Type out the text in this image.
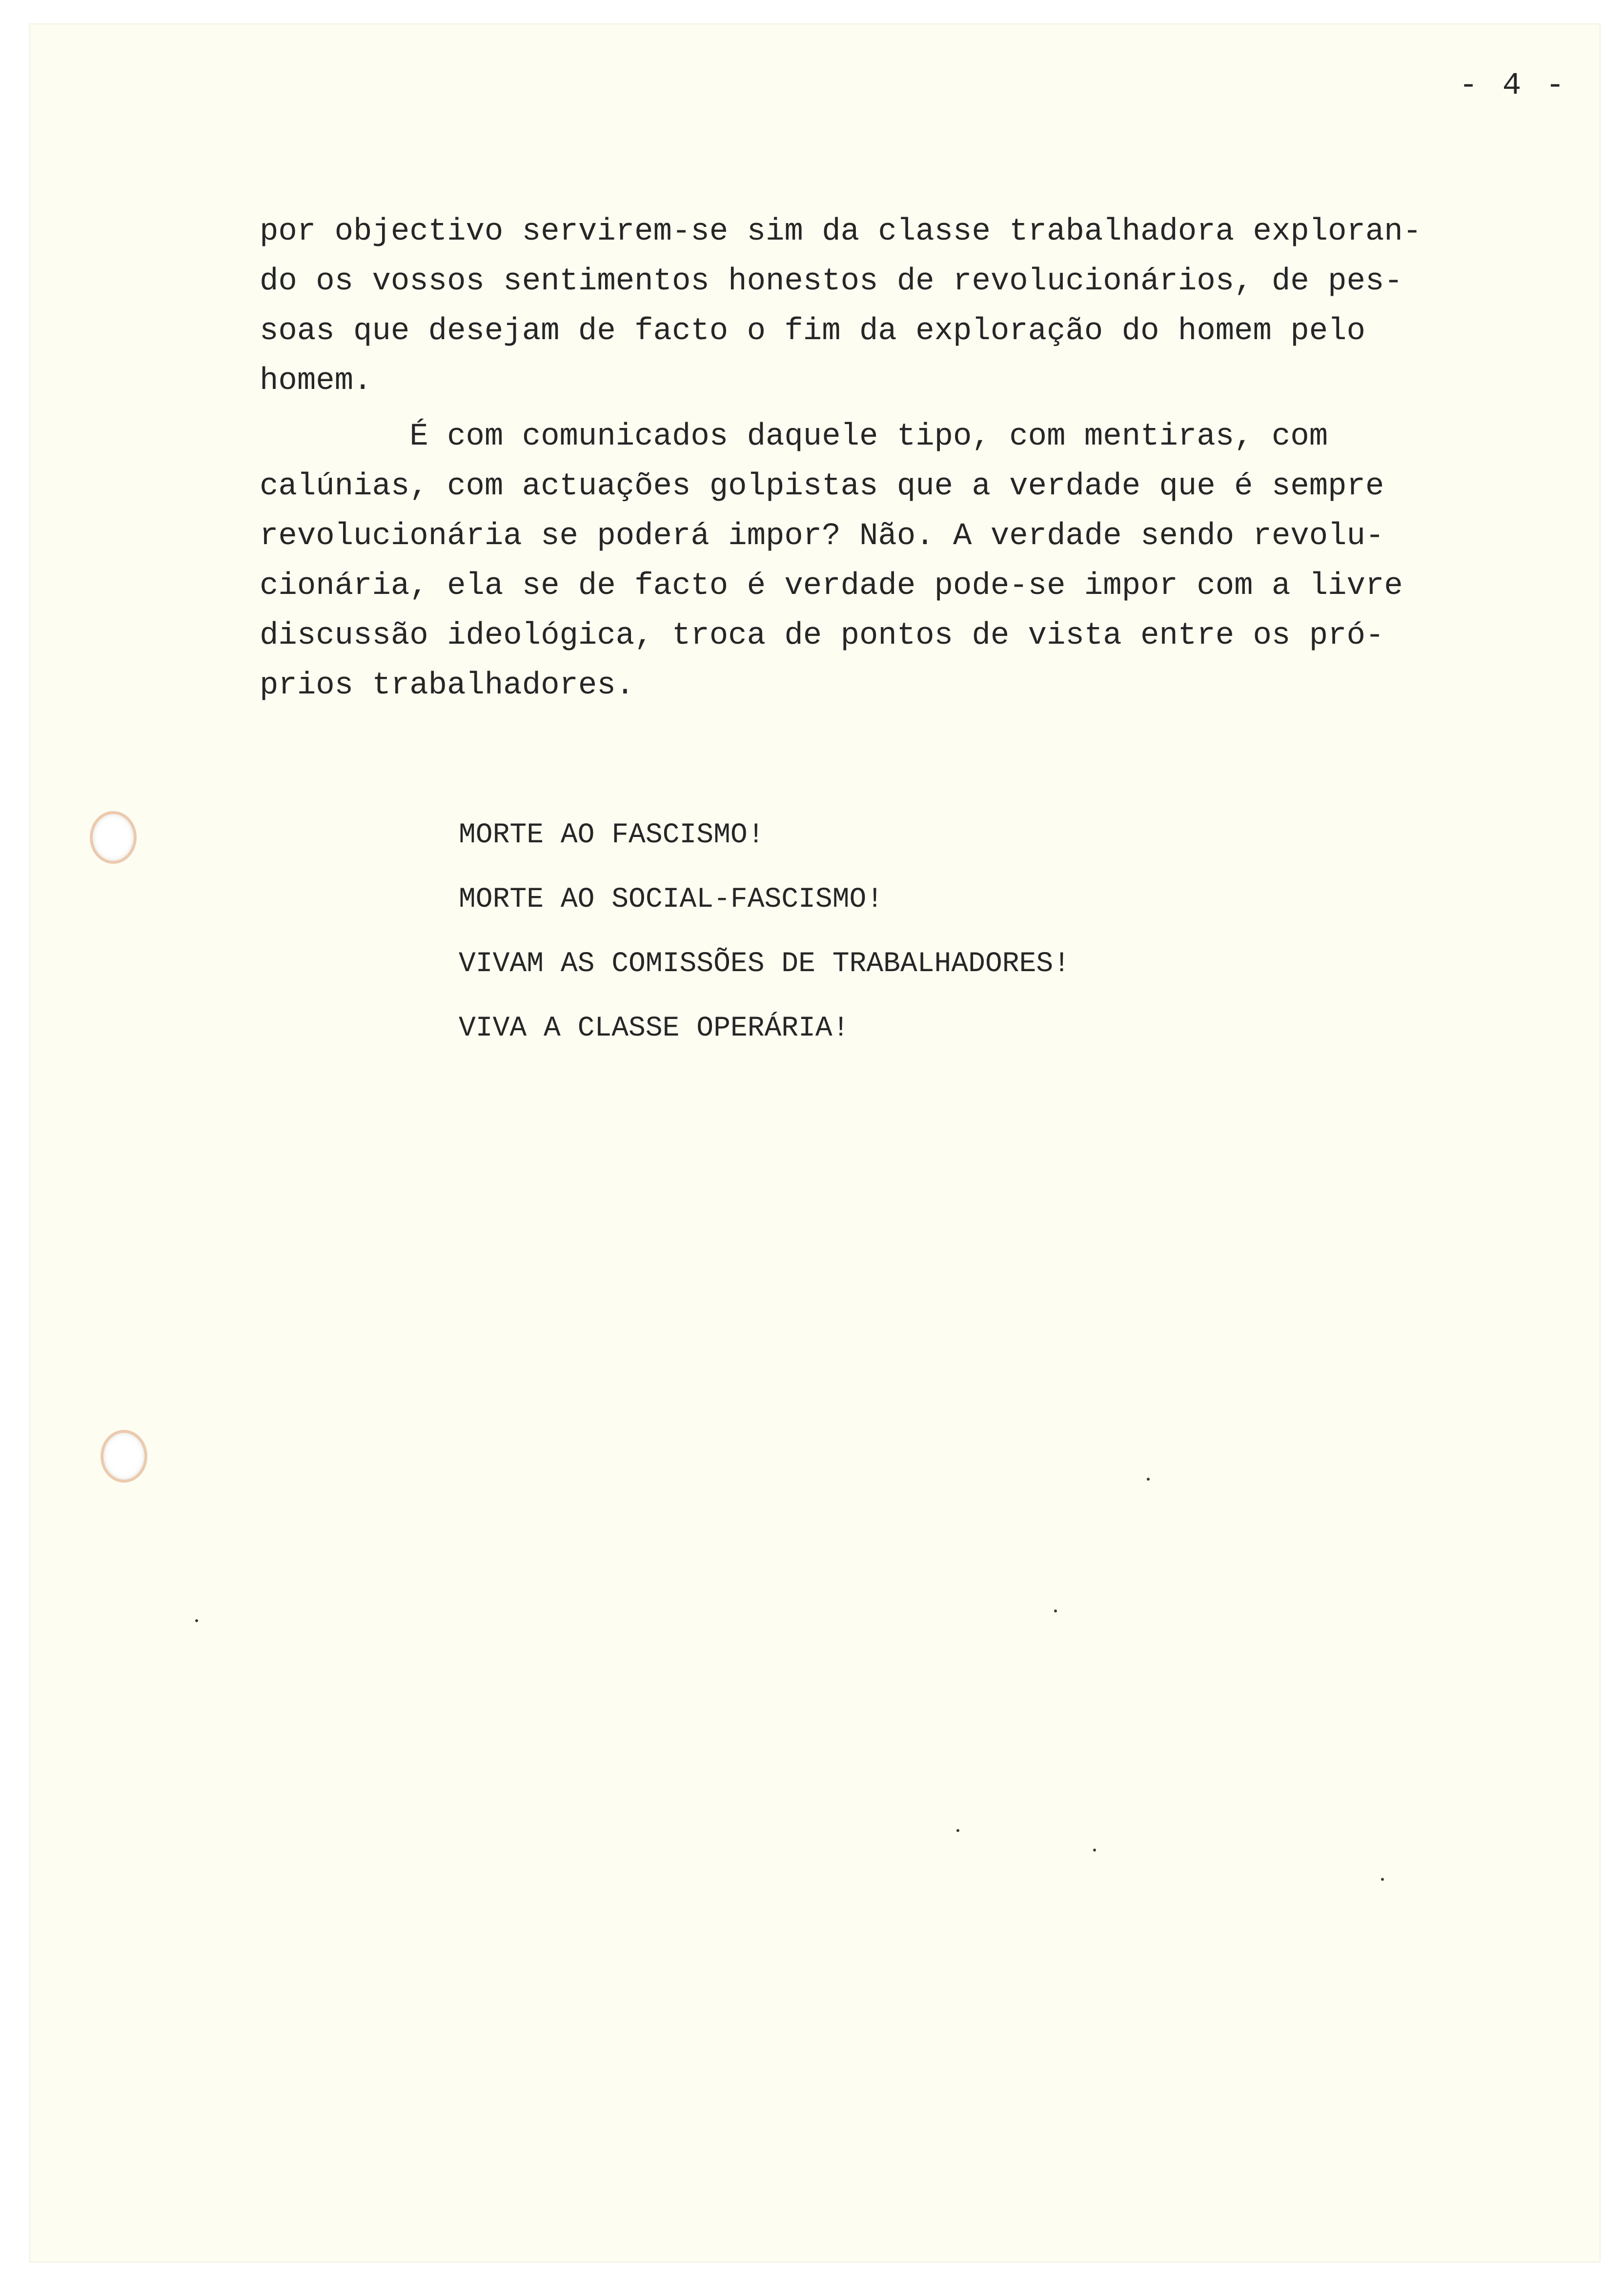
- 4 -
por objectivo servirem-se sim da classe trabalhadora exploran-
do os vossos sentimentos honestos de revolucionários, de pes-
soas que desejam de facto o fim da exploração do homem pelo
homem.
É com comunicados daquele tipo, com mentiras, com
calúnias, com actuações golpistas que a verdade que é sempre
revolucionária se poderá impor? Não. A verdade sendo revolu-
cionária, ela se de facto é verdade pode-se impor com a livre
discussão ideológica, troca de pontos de vista entre os pró-
prios trabalhadores.
MORTE AO FASCISMO!
MORTE AO SOCIAL-FASCISMO!
VIVAM AS COMISSÕES DE TRABALHADORES!
VIVA A CLASSE OPERÁRIA!
